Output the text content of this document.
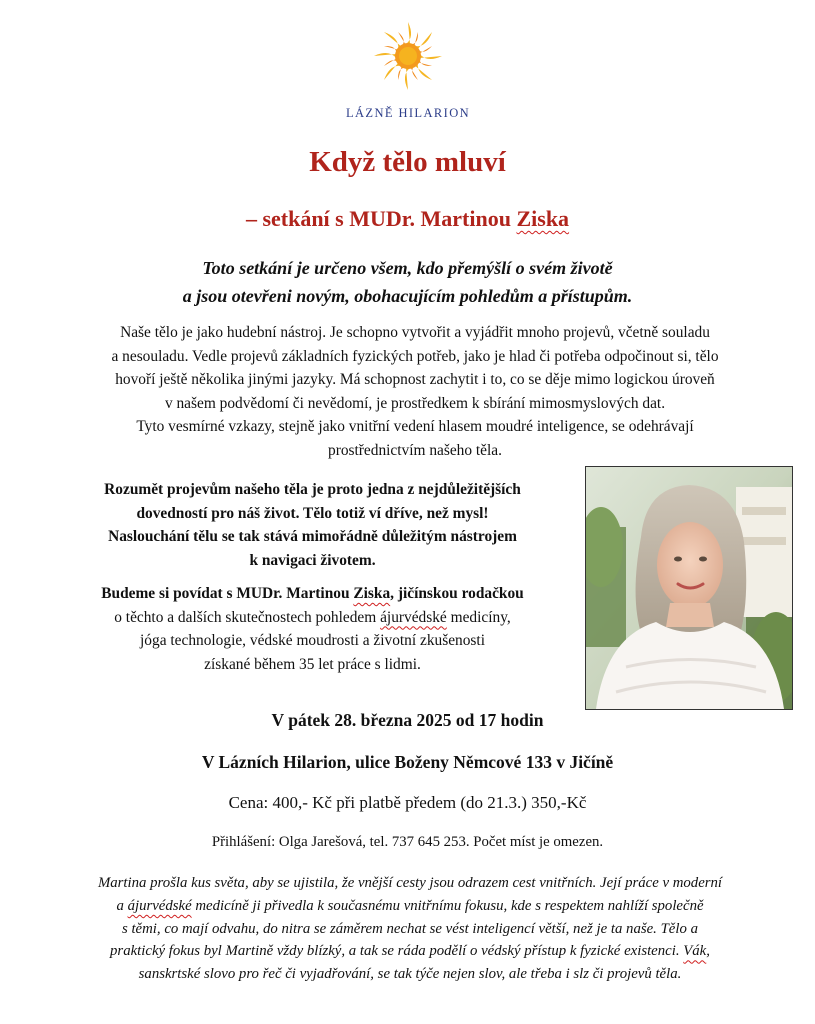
LÁZNĚ HILARION
Když tělo mluví
– setkání s MUDr. Martinou Ziska
Toto setkání je určeno všem, kdo přemýšlí o svém životě
a jsou otevřeni novým, obohacujícím pohledům a přístupům.
Naše tělo je jako hudební nástroj. Je schopno vytvořit a vyjádřit mnoho projevů, včetně souladu
a nesouladu. Vedle projevů základních fyzických potřeb, jako je hlad či potřeba odpočinout si, tělo
hovoří ještě několika jinými jazyky. Má schopnost zachytit i to, co se děje mimo logickou úroveň
v našem podvědomí či nevědomí, je prostředkem k sbírání mimosmyslových dat.
Tyto vesmírné vzkazy, stejně jako vnitřní vedení hlasem moudré inteligence, se odehrávají
prostřednictvím našeho těla.
Rozumět projevům našeho těla je proto jedna z nejdůležitějších
dovedností pro náš život. Tělo totiž ví dříve, než mysl!
Naslouchání tělu se tak stává mimořádně důležitým nástrojem
k navigaci životem.
Budeme si povídat s MUDr. Martinou Ziska, jičínskou rodačkou
o těchto a dalších skutečnostech pohledem ájurvédské medicíny,
jóga technologie, védské moudrosti a životní zkušenosti
získané během 35 let práce s lidmi.
V pátek 28. března 2025 od 17 hodin
V Lázních Hilarion, ulice Boženy Němcové 133 v Jičíně
Cena: 400,- Kč při platbě předem (do 21.3.) 350,-Kč
Přihlášení: Olga Jarešová, tel. 737 645 253. Počet míst je omezen.
Martina prošla kus světa, aby se ujistila, že vnější cesty jsou odrazem cest vnitřních. Její práce v moderní
a ájurvédské medicíně ji přivedla k současnému vnitřnímu fokusu, kde s respektem nahlíží společně
s těmi, co mají odvahu, do nitra se záměrem nechat se vést inteligencí větší, než je ta naše. Tělo a
praktický fokus byl Martině vždy blízký, a tak se ráda podělí o védský přístup k fyzické existenci. Vák,
sanskrtské slovo pro řeč či vyjadřování, se tak týče nejen slov, ale třeba i slz či projevů těla.
